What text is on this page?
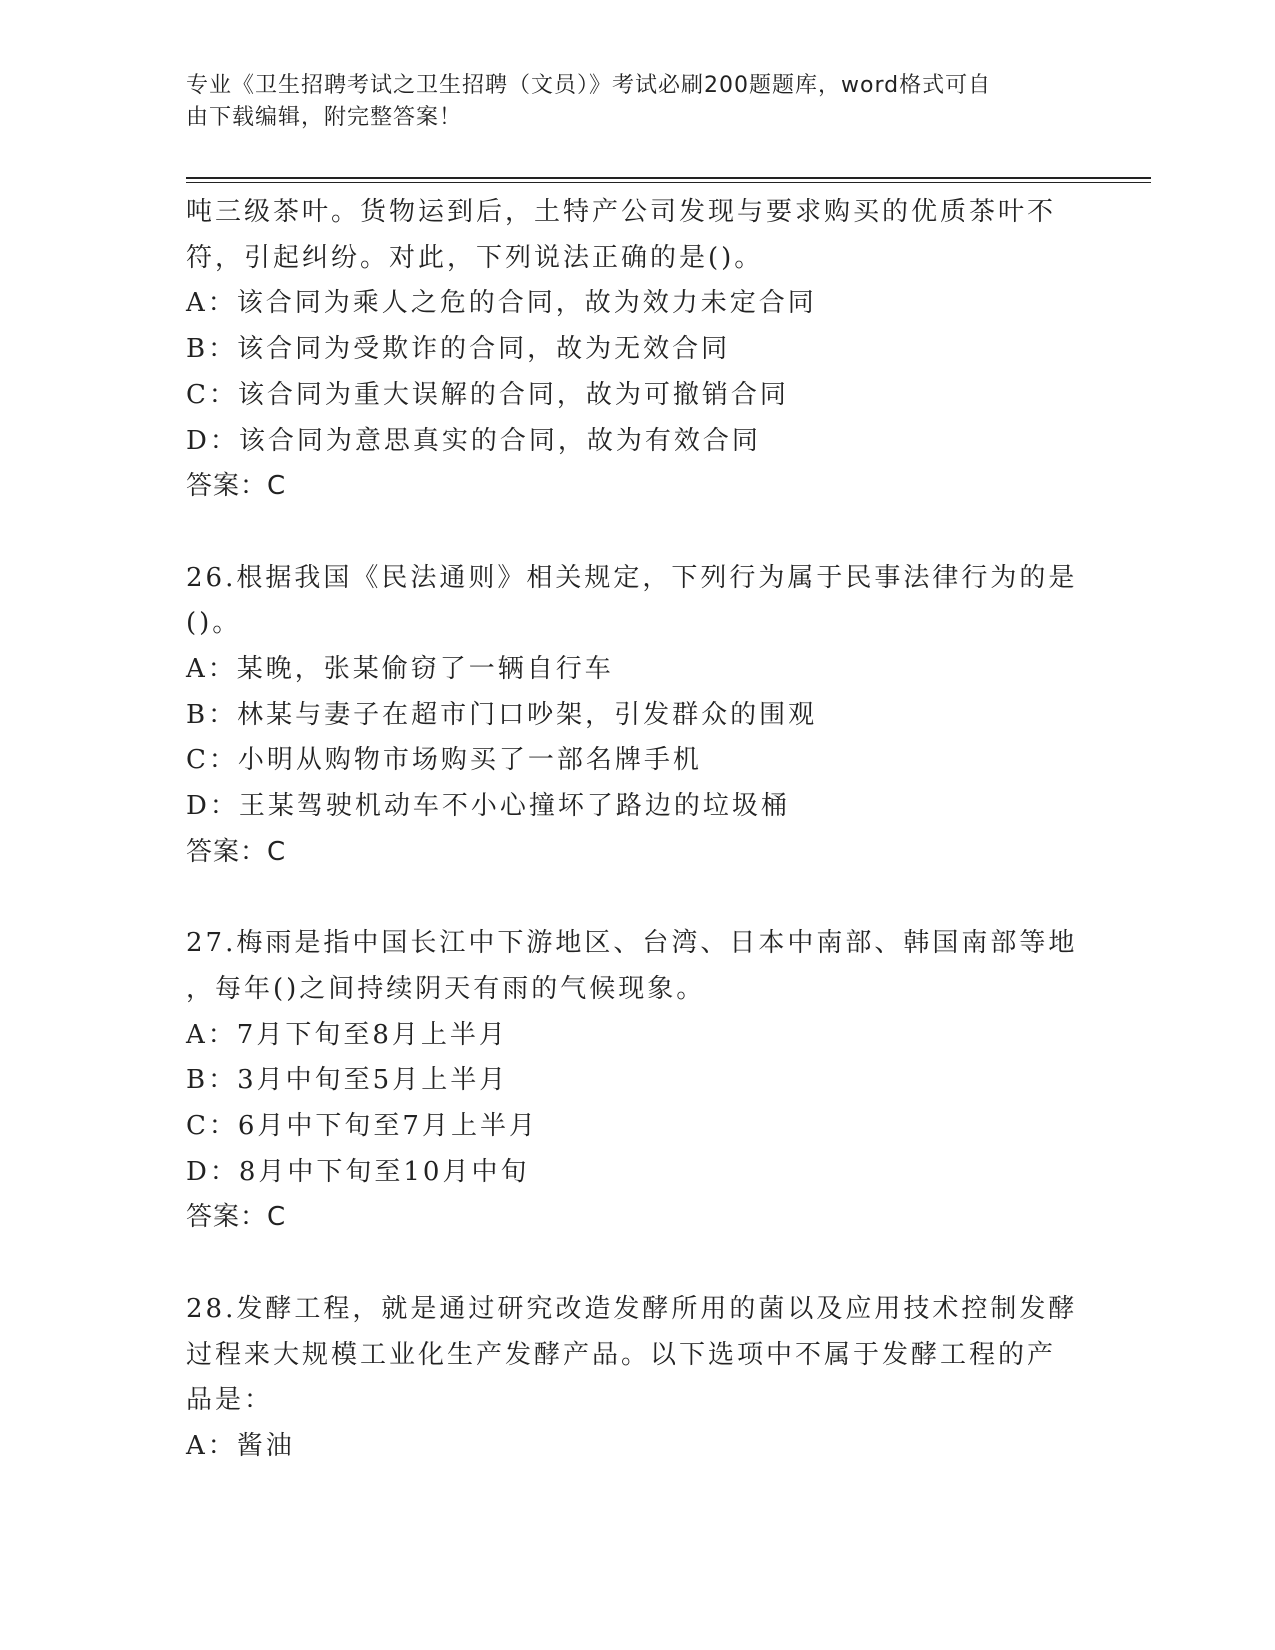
专业《卫生招聘考试之卫生招聘（文员）》考试必刷200题题库，word格式可自
由下载编辑，附完整答案！
吨三级茶叶。货物运到后，土特产公司发现与要求购买的优质茶叶不
符，引起纠纷。对此，下列说法正确的是()。
A：该合同为乘人之危的合同，故为效力未定合同
B：该合同为受欺诈的合同，故为无效合同
C：该合同为重大误解的合同，故为可撤销合同
D：该合同为意思真实的合同，故为有效合同
答案：C
26.根据我国《民法通则》相关规定，下列行为属于民事法律行为的是
()。
A：某晚，张某偷窃了一辆自行车
B：林某与妻子在超市门口吵架，引发群众的围观
C：小明从购物市场购买了一部名牌手机
D：王某驾驶机动车不小心撞坏了路边的垃圾桶
答案：C
27.梅雨是指中国长江中下游地区、台湾、日本中南部、韩国南部等地
，每年()之间持续阴天有雨的气候现象。
A：7月下旬至8月上半月
B：3月中旬至5月上半月
C：6月中下旬至7月上半月
D：8月中下旬至10月中旬
答案：C
28.发酵工程，就是通过研究改造发酵所用的菌以及应用技术控制发酵
过程来大规模工业化生产发酵产品。以下选项中不属于发酵工程的产
品是：
A：酱油
